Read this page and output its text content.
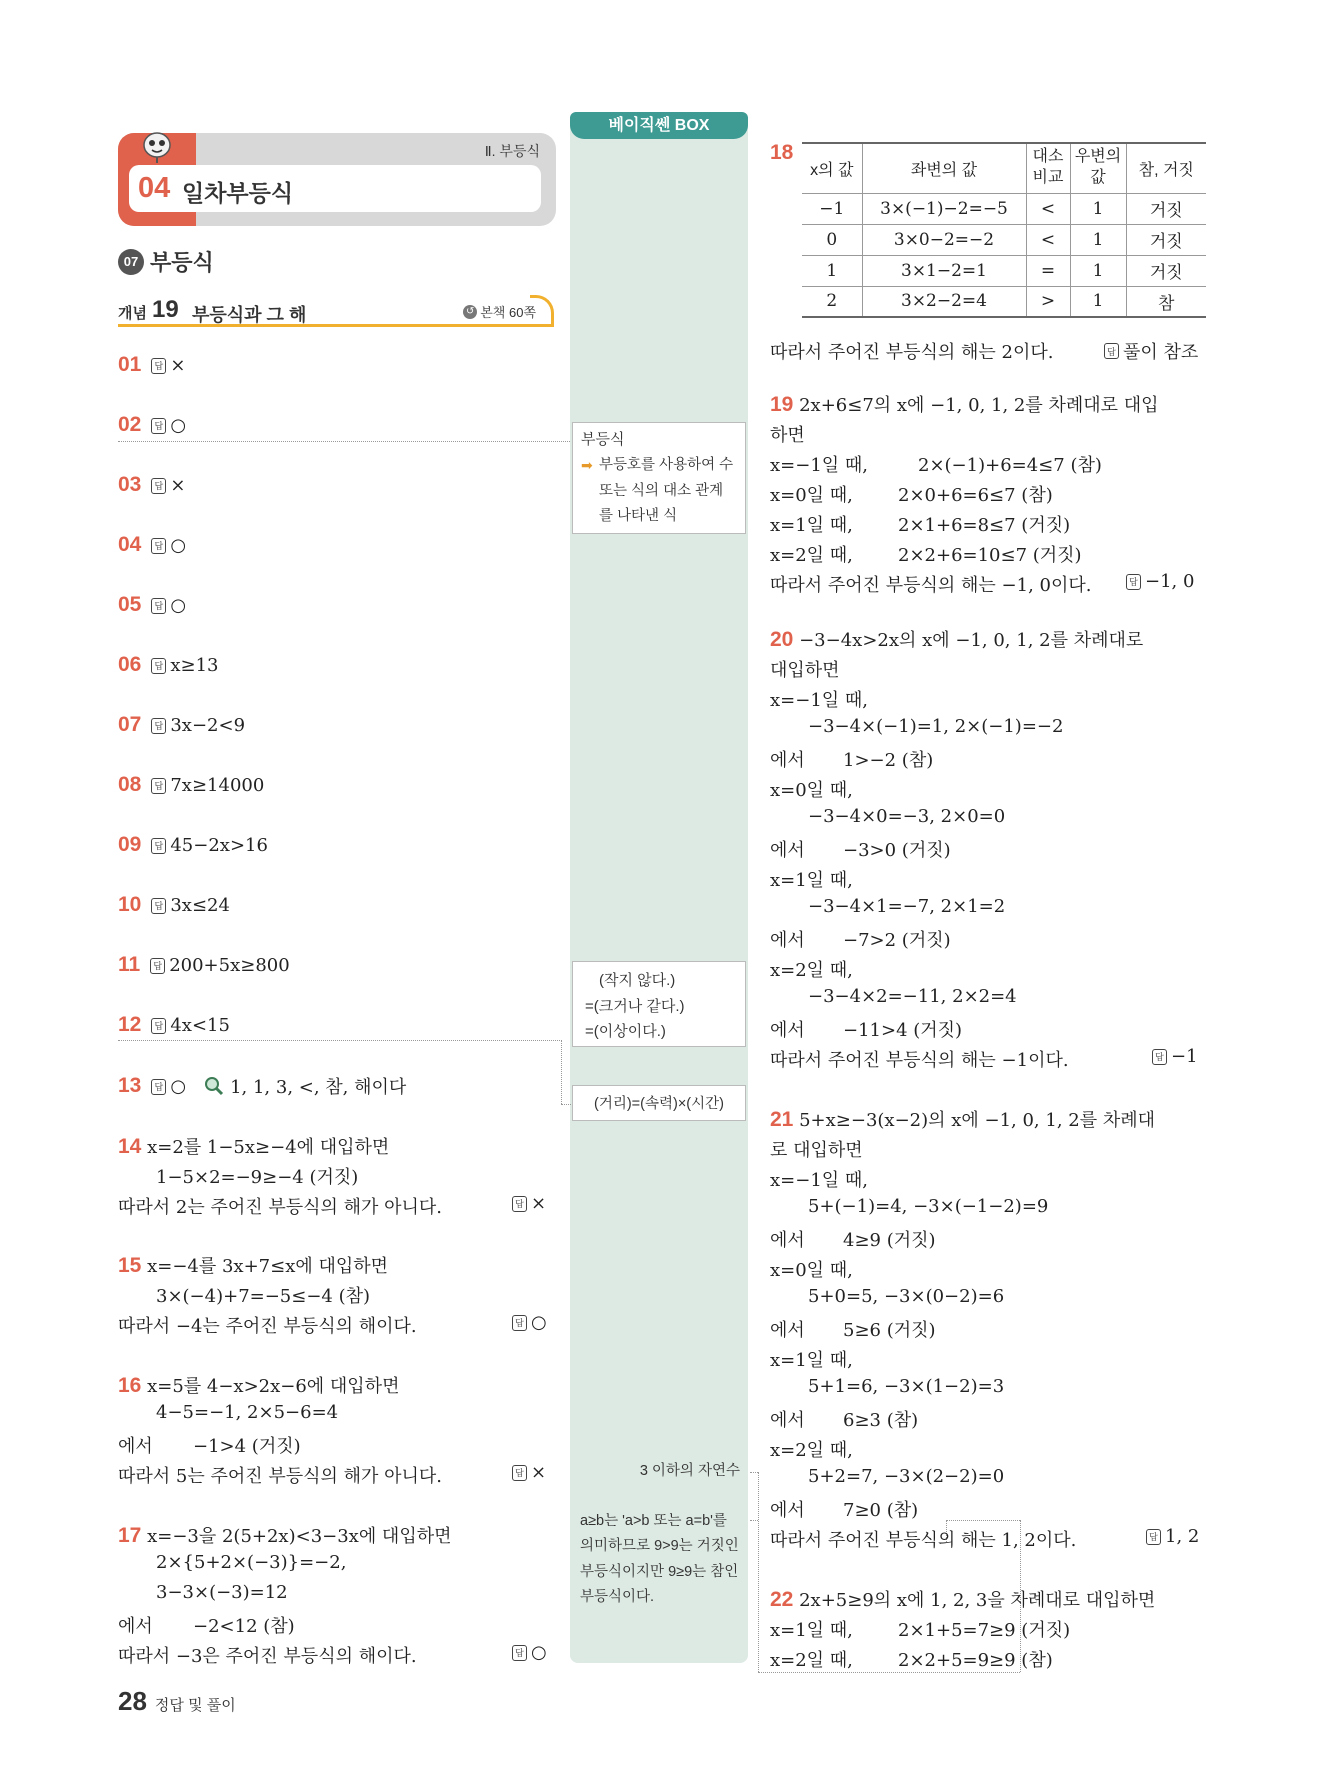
Ⅱ. 부등식
04 일차부등식
07 부등식
개념 19 부등식과 그 해	↺ 본책 60쪽
01	답 ×
02	답 ○
03	답 ×
04	답 ○
05	답 ○
06	답 x≥13
07	답 3x−2<9
08	답 7x≥14000
09	답 45−2x>16
10	답 3x≤24
11	답 200+5x≥800
12	답 4x<15
13	답 ○ 1, 1, 3, <, 참, 해이다
14 x=2를 1−5x≥−4에 대입하면
1−5×2=−9≥−4 (거짓)
따라서 2는 주어진 부등식의 해가 아니다.	답 ×
15 x=−4를 3x+7≤x에 대입하면
3×(−4)+7=−5≤−4 (참)
따라서 −4는 주어진 부등식의 해이다.	답 ○
16 x=5를 4−x>2x−6에 대입하면
4−5=−1, 2×5−6=4
에서 −1>4 (거짓)
따라서 5는 주어진 부등식의 해가 아니다.	답 ×
17 x=−3을 2(5+2x)<3−3x에 대입하면
2×{5+2×(−3)}=−2,
3−3×(−3)=12
에서 −2<12 (참)
따라서 −3은 주어진 부등식의 해이다.	답 ○
28 정답 및 풀이
베이직쎈 BOX
부등식
➡ 부등호를 사용하여 수 또는 식의 대소 관계를 나타낸 식
(작지 않다.)
=(크거나 같다.)
=(이상이다.)
(거리)=(속력)×(시간)
3 이하의 자연수
a≥b는 'a>b 또는 a=b'를 의미하므로 9>9는 거짓인 부등식이지만 9≥9는 참인 부등식이다.
18
x의 값	좌변의 값	대소 비교	우변의 값	참, 거짓
−1	3×(−1)−2=−5	<	1	거짓
0	3×0−2=−2	<	1	거짓
1	3×1−2=1	=	1	거짓
2	3×2−2=4	>	1	참
따라서 주어진 부등식의 해는 2이다.	답 풀이 참조
19 2x+6≤7의 x에 −1, 0, 1, 2를 차례대로 대입
하면
x=−1일 때,	2×(−1)+6=4≤7 (참)
x=0일 때,	2×0+6=6≤7 (참)
x=1일 때,	2×1+6=8≤7 (거짓)
x=2일 때,	2×2+6=10≤7 (거짓)
따라서 주어진 부등식의 해는 −1, 0이다.	답 −1, 0
20 −3−4x>2x의 x에 −1, 0, 1, 2를 차례대로
대입하면
x=−1일 때,
−3−4×(−1)=1, 2×(−1)=−2
에서 1>−2 (참)
x=0일 때,
−3−4×0=−3, 2×0=0
에서 −3>0 (거짓)
x=1일 때,
−3−4×1=−7, 2×1=2
에서 −7>2 (거짓)
x=2일 때,
−3−4×2=−11, 2×2=4
에서 −11>4 (거짓)
따라서 주어진 부등식의 해는 −1이다.	답 −1
21 5+x≥−3(x−2)의 x에 −1, 0, 1, 2를 차례대
로 대입하면
x=−1일 때,
5+(−1)=4, −3×(−1−2)=9
에서 4≥9 (거짓)
x=0일 때,
5+0=5, −3×(0−2)=6
에서 5≥6 (거짓)
x=1일 때,
5+1=6, −3×(1−2)=3
에서 6≥3 (참)
x=2일 때,
5+2=7, −3×(2−2)=0
에서 7≥0 (참)
따라서 주어진 부등식의 해는 1, 2이다.	답 1, 2
22 2x+5≥9의 x에 1, 2, 3을 차례대로 대입하면
x=1일 때,	2×1+5=7≥9 (거짓)
x=2일 때,	2×2+5=9≥9 (참)
